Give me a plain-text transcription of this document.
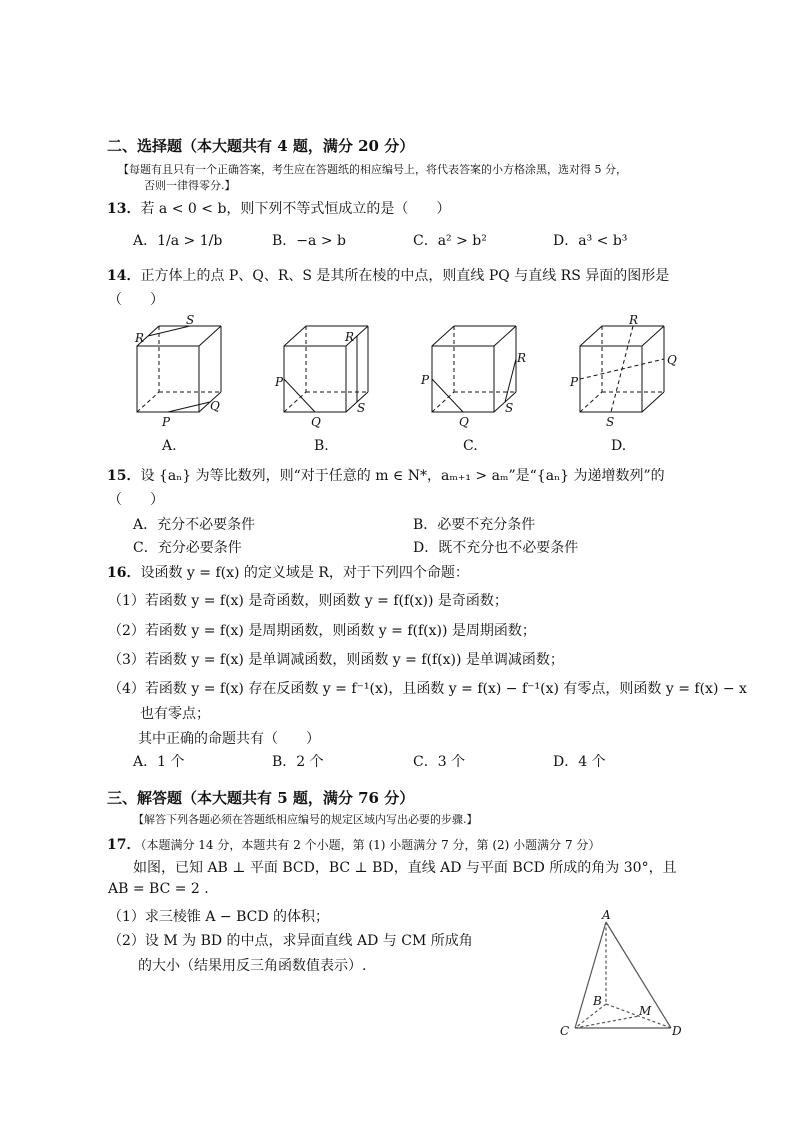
二、选择题（本大题共有 4 题，满分 20 分）
【每题有且只有一个正确答案，考生应在答题纸的相应编号上，将代表答案的小方格涂黑，选对得 5 分，
否则一律得零分.】
13．若 a < 0 < b，则下列不等式恒成立的是（　　）
A．1/a > 1/b	B．−a > b	C．a² > b²	D．a³ < b³
14．正方体上的点 P、Q、R、S 是其所在棱的中点，则直线 PQ 与直线 RS 异面的图形是
（　　）
R
S
P
Q
P
Q
R
S
P
Q
R
S
P
Q
R
S
A.	B.	C.	D.
15．设 {aₙ} 为等比数列，则“对于任意的 m ∈ N*，aₘ₊₁ > aₘ”是“{aₙ} 为递增数列”的
（　　）
A．充分不必要条件	B．必要不充分条件
C．充分必要条件	D．既不充分也不必要条件
16．设函数 y = f(x) 的定义域是 R，对于下列四个命题：
（1）若函数 y = f(x) 是奇函数，则函数 y = f(f(x)) 是奇函数；
（2）若函数 y = f(x) 是周期函数，则函数 y = f(f(x)) 是周期函数；
（3）若函数 y = f(x) 是单调减函数，则函数 y = f(f(x)) 是单调减函数；
（4）若函数 y = f(x) 存在反函数 y = f⁻¹(x)，且函数 y = f(x) − f⁻¹(x) 有零点，则函数 y = f(x) − x
也有零点；
其中正确的命题共有（　　）
A．1 个	B．2 个	C．3 个	D．4 个
三、解答题（本大题共有 5 题，满分 76 分）
【解答下列各题必须在答题纸相应编号的规定区域内写出必要的步骤.】
17．（本题满分 14 分，本题共有 2 个小题，第 (1) 小题满分 7 分，第 (2) 小题满分 7 分）
如图，已知 AB ⊥ 平面 BCD，BC ⊥ BD，直线 AD 与平面 BCD 所成的角为 30°，且
AB = BC = 2 .
（1）求三棱锥 A − BCD 的体积；
（2）设 M 为 BD 的中点，求异面直线 AD 与 CM 所成角
的大小（结果用反三角函数值表示）.
A
B
C	D
M
